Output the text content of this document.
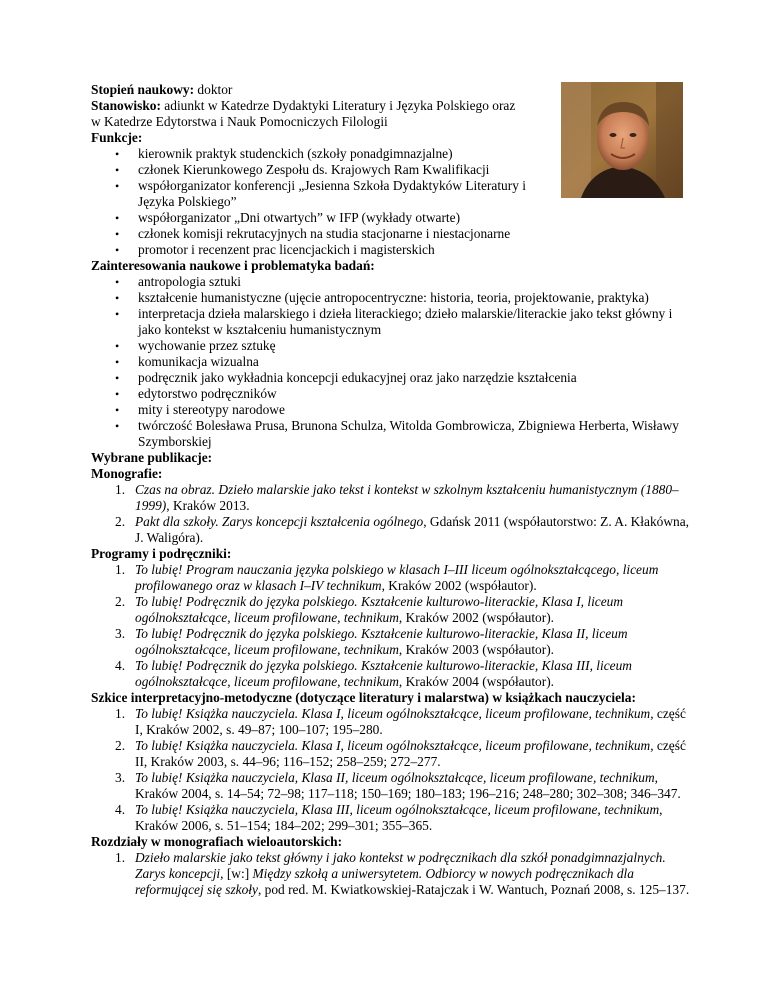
Stopień naukowy: doktor
Stanowisko: adiunkt w Katedrze Dydaktyki Literatury i Języka Polskiego oraz
w Katedrze Edytorstwa i Nauk Pomocniczych Filologii
Funkcje:
• kierownik praktyk studenckich (szkoły ponadgimnazjalne)
• członek Kierunkowego Zespołu ds. Krajowych Ram Kwalifikacji
• współorganizator konferencji „Jesienna Szkoła Dydaktyków Literatury i Języka Polskiego”
• współorganizator „Dni otwartych” w IFP (wykłady otwarte)
• członek komisji rekrutacyjnych na studia stacjonarne i niestacjonarne
• promotor i recenzent prac licencjackich i magisterskich
Zainteresowania naukowe i problematyka badań:
• antropologia sztuki
• kształcenie humanistyczne (ujęcie antropocentryczne: historia, teoria, projektowanie, praktyka)
• interpretacja dzieła malarskiego i dzieła literackiego; dzieło malarskie/literackie jako tekst główny i jako kontekst w kształceniu humanistycznym
• wychowanie przez sztukę
• komunikacja wizualna
• podręcznik jako wykładnia koncepcji edukacyjnej oraz jako narzędzie kształcenia
• edytorstwo podręczników
• mity i stereotypy narodowe
• twórczość Bolesława Prusa, Brunona Schulza, Witolda Gombrowicza, Zbigniewa Herberta, Wisławy Szymborskiej
Wybrane publikacje:
Monografie:
1. Czas na obraz. Dzieło malarskie jako tekst i kontekst w szkolnym kształceniu humanistycznym (1880–1999), Kraków 2013.
2. Pakt dla szkoły. Zarys koncepcji kształcenia ogólnego, Gdańsk 2011 (współautorstwo: Z. A. Kłakówna, J. Waligóra).
Programy i podręczniki:
1. To lubię! Program nauczania języka polskiego w klasach I–III liceum ogólnokształcącego, liceum profilowanego oraz w klasach I–IV technikum, Kraków 2002 (współautor).
2. To lubię! Podręcznik do języka polskiego. Kształcenie kulturowo-literackie, Klasa I, liceum ogólnokształcące, liceum profilowane, technikum, Kraków 2002 (współautor).
3. To lubię! Podręcznik do języka polskiego. Kształcenie kulturowo-literackie, Klasa II, liceum ogólnokształcące, liceum profilowane, technikum, Kraków 2003 (współautor).
4. To lubię! Podręcznik do języka polskiego. Kształcenie kulturowo-literackie, Klasa III, liceum ogólnokształcące, liceum profilowane, technikum, Kraków 2004 (współautor).
Szkice interpretacyjno-metodyczne (dotyczące literatury i malarstwa) w książkach nauczyciela:
1. To lubię! Książka nauczyciela. Klasa I, liceum ogólnokształcące, liceum profilowane, technikum, część I, Kraków 2002, s. 49–87; 100–107; 195–280.
2. To lubię! Książka nauczyciela. Klasa I, liceum ogólnokształcące, liceum profilowane, technikum, część II, Kraków 2003, s. 44–96; 116–152; 258–259; 272–277.
3. To lubię! Książka nauczyciela, Klasa II, liceum ogólnokształcące, liceum profilowane, technikum, Kraków 2004, s. 14–54; 72–98; 117–118; 150–169; 180–183; 196–216; 248–280; 302–308; 346–347.
4. To lubię! Książka nauczyciela, Klasa III, liceum ogólnokształcące, liceum profilowane, technikum, Kraków 2006, s. 51–154; 184–202; 299–301; 355–365.
Rozdziały w monografiach wieloautorskich:
1. Dzieło malarskie jako tekst główny i jako kontekst w podręcznikach dla szkół ponadgimnazjalnych. Zarys koncepcji, [w:] Między szkołą a uniwersytetem. Odbiorcy w nowych podręcznikach dla reformującej się szkoły, pod red. M. Kwiatkowskiej-Ratajczak i W. Wantuch, Poznań 2008, s. 125–137.
